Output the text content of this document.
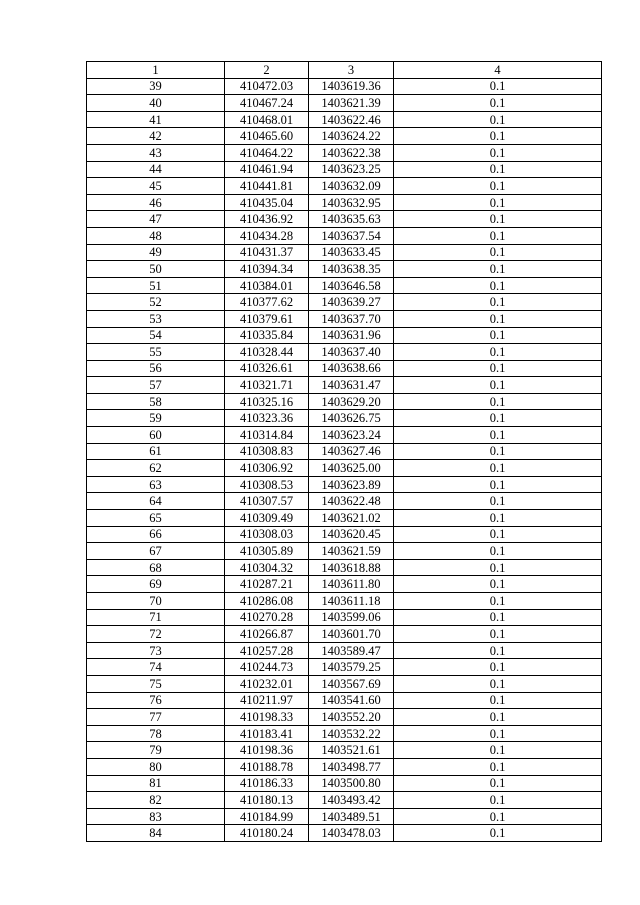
1	2	3	4
39	410472.03	1403619.36	0.1
40	410467.24	1403621.39	0.1
41	410468.01	1403622.46	0.1
42	410465.60	1403624.22	0.1
43	410464.22	1403622.38	0.1
44	410461.94	1403623.25	0.1
45	410441.81	1403632.09	0.1
46	410435.04	1403632.95	0.1
47	410436.92	1403635.63	0.1
48	410434.28	1403637.54	0.1
49	410431.37	1403633.45	0.1
50	410394.34	1403638.35	0.1
51	410384.01	1403646.58	0.1
52	410377.62	1403639.27	0.1
53	410379.61	1403637.70	0.1
54	410335.84	1403631.96	0.1
55	410328.44	1403637.40	0.1
56	410326.61	1403638.66	0.1
57	410321.71	1403631.47	0.1
58	410325.16	1403629.20	0.1
59	410323.36	1403626.75	0.1
60	410314.84	1403623.24	0.1
61	410308.83	1403627.46	0.1
62	410306.92	1403625.00	0.1
63	410308.53	1403623.89	0.1
64	410307.57	1403622.48	0.1
65	410309.49	1403621.02	0.1
66	410308.03	1403620.45	0.1
67	410305.89	1403621.59	0.1
68	410304.32	1403618.88	0.1
69	410287.21	1403611.80	0.1
70	410286.08	1403611.18	0.1
71	410270.28	1403599.06	0.1
72	410266.87	1403601.70	0.1
73	410257.28	1403589.47	0.1
74	410244.73	1403579.25	0.1
75	410232.01	1403567.69	0.1
76	410211.97	1403541.60	0.1
77	410198.33	1403552.20	0.1
78	410183.41	1403532.22	0.1
79	410198.36	1403521.61	0.1
80	410188.78	1403498.77	0.1
81	410186.33	1403500.80	0.1
82	410180.13	1403493.42	0.1
83	410184.99	1403489.51	0.1
84	410180.24	1403478.03	0.1
